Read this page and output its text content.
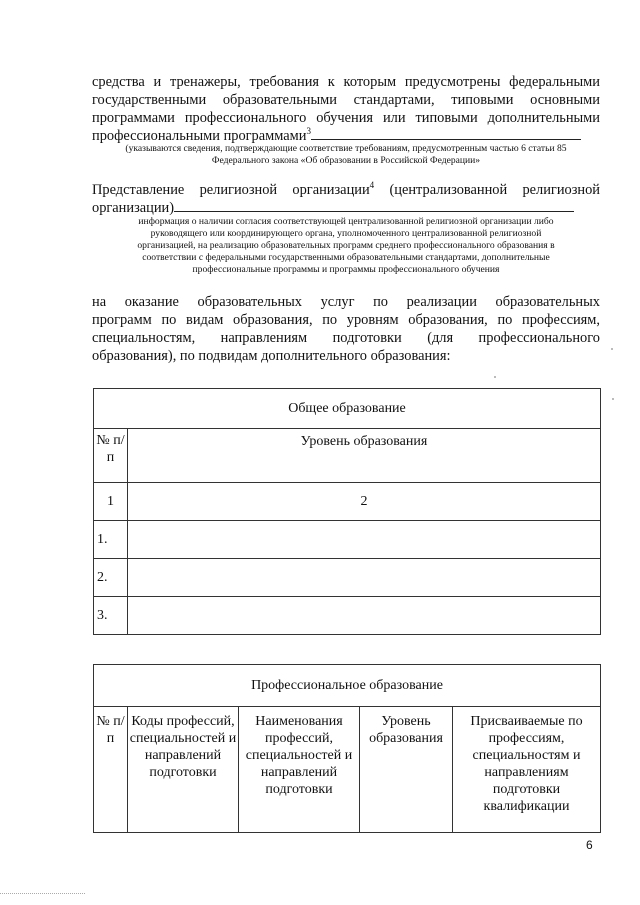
средства и тренажеры, требования к которым предусмотрены федеральными
государственными образовательными стандартами, типовыми основными
программами профессионального обучения или типовыми дополнительными
профессиональными программами$^3$
(указываются сведения, подтверждающие соответствие требованиям, предусмотренным частью 6 статьи 85
Федерального закона «Об образовании в Российской Федерации»
Представление религиозной организации$^4$ (централизованной религиозной
организации)
информация о наличии согласия соответствующей централизованной религиозной организации либо
руководящего или координирующего органа, уполномоченного централизованной религиозной
организацией, на реализацию образовательных программ среднего профессионального образования в
соответствии с федеральными государственными образовательными стандартами, дополнительные
профессиональные программы и программы профессионального обучения
на оказание образовательных услуг по реализации образовательных
программ по видам образования, по уровням образования, по профессиям,
специальностям, направлениям подготовки (для профессионального
образования), по подвидам дополнительного образования:
Общее образование	
№ п/п	Уровень образования
1	2
1.	
2.	
3.	
Профессиональное образование
№ п/п	Коды профессий, специальностей и направлений подготовки	Наименования профессий, специальностей и направлений подготовки	Уровень образования	Присваиваемые по профессиям, специальностям и направлениям подготовки квалификации
6
